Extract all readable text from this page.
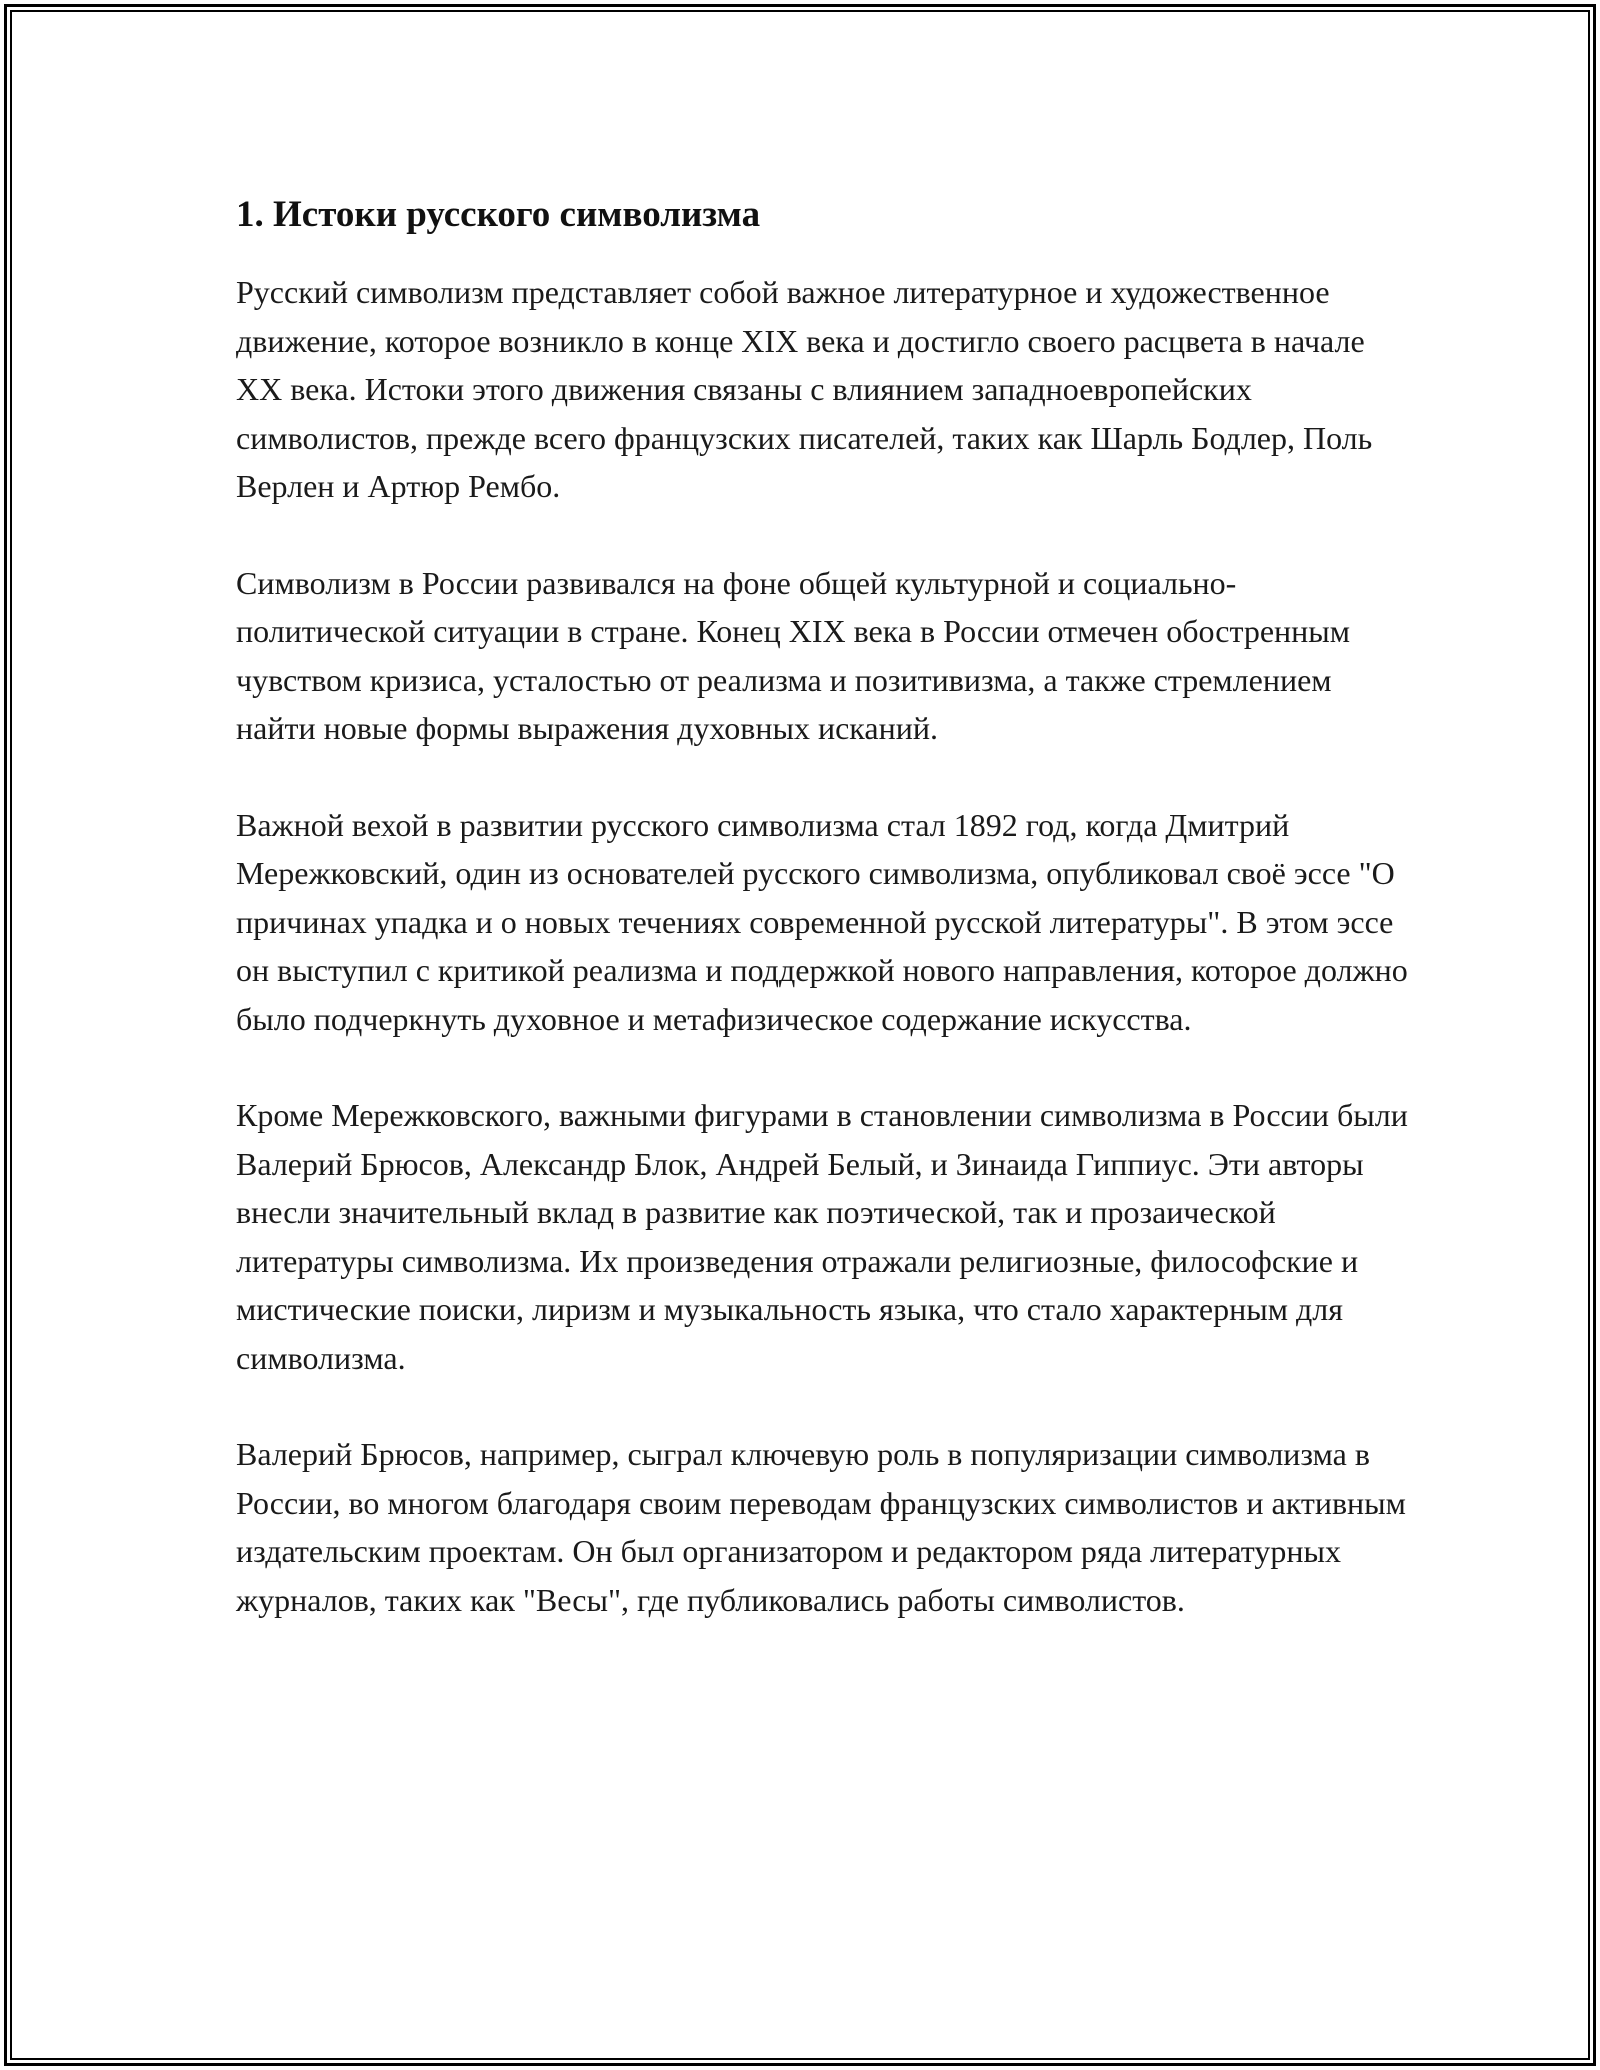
1. Истоки русского символизма

Русский символизм представляет собой важное литературное и художественное движение, которое возникло в конце XIX века и достигло своего расцвета в начале XX века. Истоки этого движения связаны с влиянием западноевропейских символистов, прежде всего французских писателей, таких как Шарль Бодлер, Поль Верлен и Артюр Рембо.

Символизм в России развивался на фоне общей культурной и социально-политической ситуации в стране. Конец XIX века в России отмечен обостренным чувством кризиса, усталостью от реализма и позитивизма, а также стремлением найти новые формы выражения духовных исканий.

Важной вехой в развитии русского символизма стал 1892 год, когда Дмитрий Мережковский, один из основателей русского символизма, опубликовал своё эссе "О причинах упадка и о новых течениях современной русской литературы". В этом эссе он выступил с критикой реализма и поддержкой нового направления, которое должно было подчеркнуть духовное и метафизическое содержание искусства.

Кроме Мережковского, важными фигурами в становлении символизма в России были Валерий Брюсов, Александр Блок, Андрей Белый, и Зинаида Гиппиус. Эти авторы внесли значительный вклад в развитие как поэтической, так и прозаической литературы символизма. Их произведения отражали религиозные, философские и мистические поиски, лиризм и музыкальность языка, что стало характерным для символизма.

Валерий Брюсов, например, сыграл ключевую роль в популяризации символизма в России, во многом благодаря своим переводам французских символистов и активным издательским проектам. Он был организатором и редактором ряда литературных журналов, таких как "Весы", где публиковались работы символистов.
